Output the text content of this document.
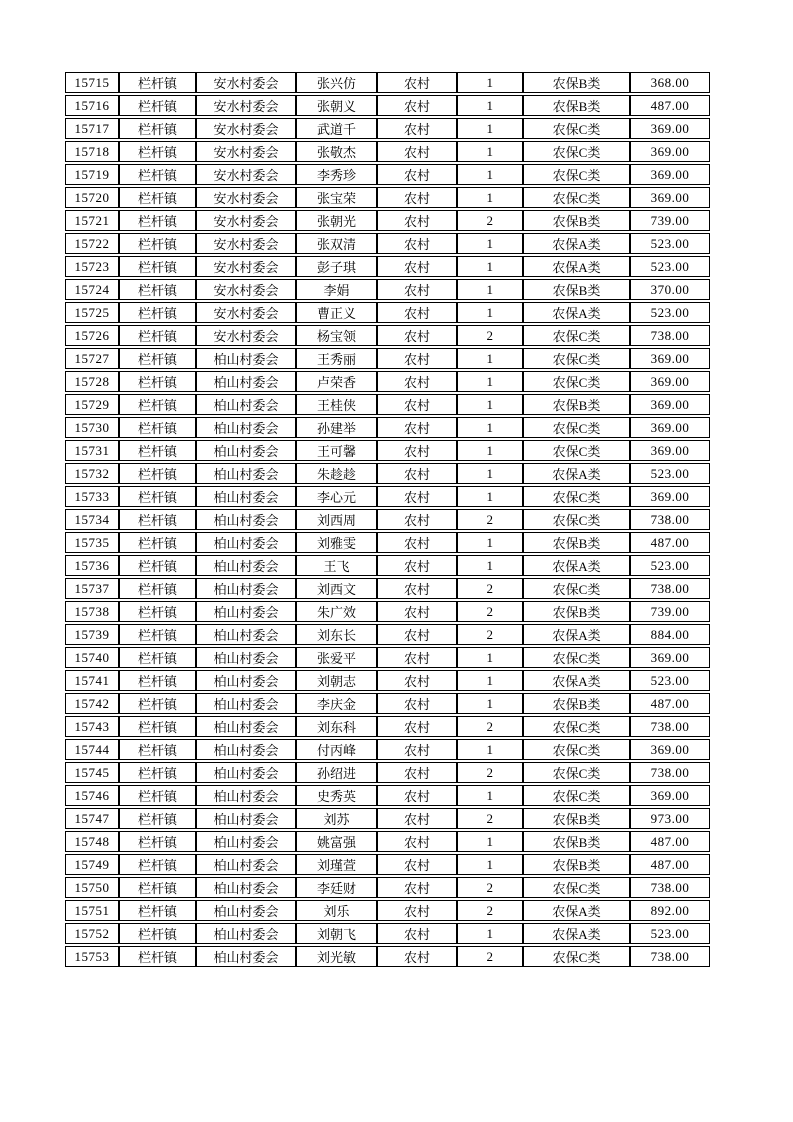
15715	栏杆镇	安水村委会	张兴仿	农村	1	农保B类	368.00
15716	栏杆镇	安水村委会	张朝义	农村	1	农保B类	487.00
15717	栏杆镇	安水村委会	武道千	农村	1	农保C类	369.00
15718	栏杆镇	安水村委会	张敬杰	农村	1	农保C类	369.00
15719	栏杆镇	安水村委会	李秀珍	农村	1	农保C类	369.00
15720	栏杆镇	安水村委会	张宝荣	农村	1	农保C类	369.00
15721	栏杆镇	安水村委会	张朝光	农村	2	农保B类	739.00
15722	栏杆镇	安水村委会	张双清	农村	1	农保A类	523.00
15723	栏杆镇	安水村委会	彭子琪	农村	1	农保A类	523.00
15724	栏杆镇	安水村委会	李娟	农村	1	农保B类	370.00
15725	栏杆镇	安水村委会	曹正义	农村	1	农保A类	523.00
15726	栏杆镇	安水村委会	杨宝领	农村	2	农保C类	738.00
15727	栏杆镇	柏山村委会	王秀丽	农村	1	农保C类	369.00
15728	栏杆镇	柏山村委会	卢荣香	农村	1	农保C类	369.00
15729	栏杆镇	柏山村委会	王桂侠	农村	1	农保B类	369.00
15730	栏杆镇	柏山村委会	孙建举	农村	1	农保C类	369.00
15731	栏杆镇	柏山村委会	王可馨	农村	1	农保C类	369.00
15732	栏杆镇	柏山村委会	朱趁趁	农村	1	农保A类	523.00
15733	栏杆镇	柏山村委会	李心元	农村	1	农保C类	369.00
15734	栏杆镇	柏山村委会	刘西周	农村	2	农保C类	738.00
15735	栏杆镇	柏山村委会	刘雅雯	农村	1	农保B类	487.00
15736	栏杆镇	柏山村委会	王飞	农村	1	农保A类	523.00
15737	栏杆镇	柏山村委会	刘西文	农村	2	农保C类	738.00
15738	栏杆镇	柏山村委会	朱广效	农村	2	农保B类	739.00
15739	栏杆镇	柏山村委会	刘东长	农村	2	农保A类	884.00
15740	栏杆镇	柏山村委会	张爱平	农村	1	农保C类	369.00
15741	栏杆镇	柏山村委会	刘朝志	农村	1	农保A类	523.00
15742	栏杆镇	柏山村委会	李庆金	农村	1	农保B类	487.00
15743	栏杆镇	柏山村委会	刘东科	农村	2	农保C类	738.00
15744	栏杆镇	柏山村委会	付丙峰	农村	1	农保C类	369.00
15745	栏杆镇	柏山村委会	孙绍进	农村	2	农保C类	738.00
15746	栏杆镇	柏山村委会	史秀英	农村	1	农保C类	369.00
15747	栏杆镇	柏山村委会	刘苏	农村	2	农保B类	973.00
15748	栏杆镇	柏山村委会	姚富强	农村	1	农保B类	487.00
15749	栏杆镇	柏山村委会	刘瑾萱	农村	1	农保B类	487.00
15750	栏杆镇	柏山村委会	李廷财	农村	2	农保C类	738.00
15751	栏杆镇	柏山村委会	刘乐	农村	2	农保A类	892.00
15752	栏杆镇	柏山村委会	刘朝飞	农村	1	农保A类	523.00
15753	栏杆镇	柏山村委会	刘光敏	农村	2	农保C类	738.00
